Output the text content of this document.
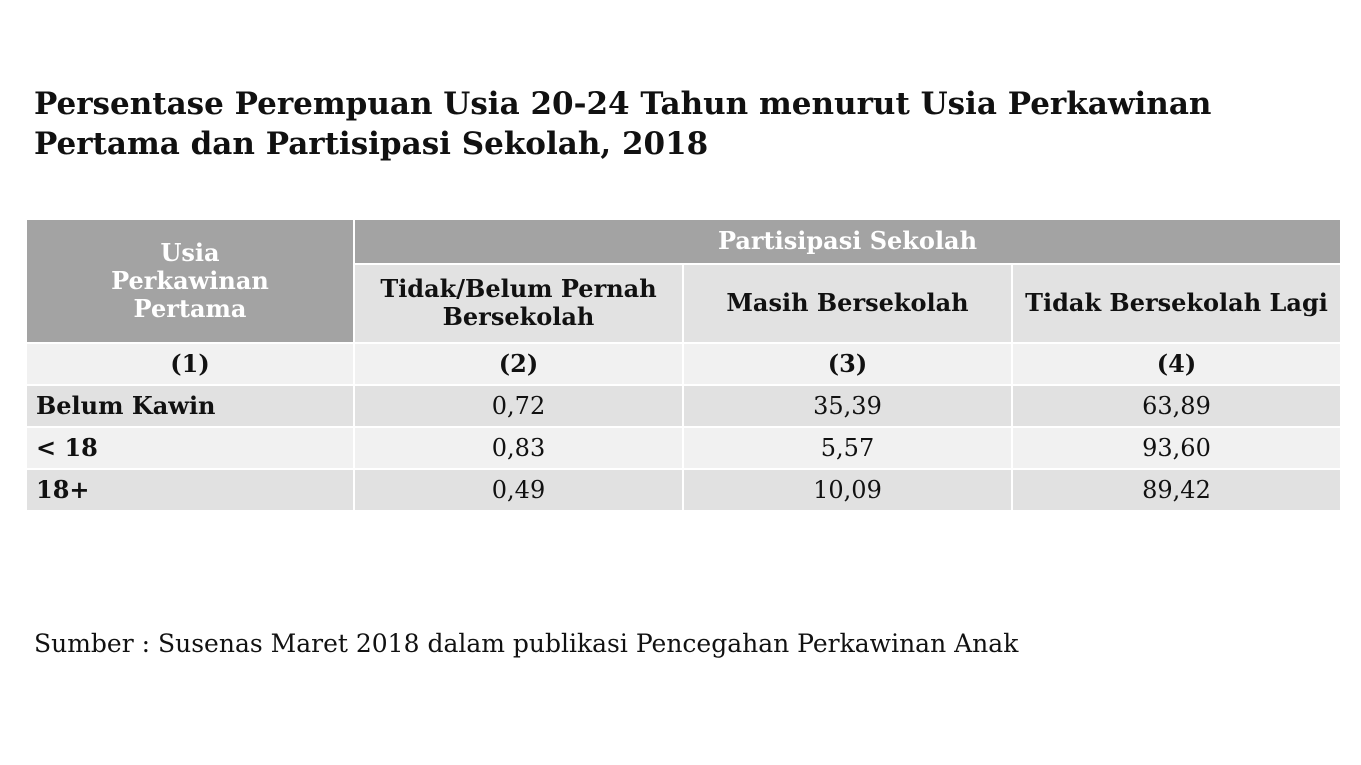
Persentase Perempuan Usia 20-24 Tahun menurut Usia Perkawinan Pertama dan Partisipasi Sekolah, 2018
Usia Perkawinan Pertama	Partisipasi Sekolah		

	Tidak/Belum Pernah Bersekolah	Masih Bersekolah	Tidak Bersekolah Lagi
(1)	(2)	(3)	(4)
Belum Kawin	0,72	35,39	63,89
< 18	0,83	5,57	93,60
18+	0,49	10,09	89,42

Sumber : Susenas Maret 2018 dalam publikasi Pencegahan Perkawinan Anak
